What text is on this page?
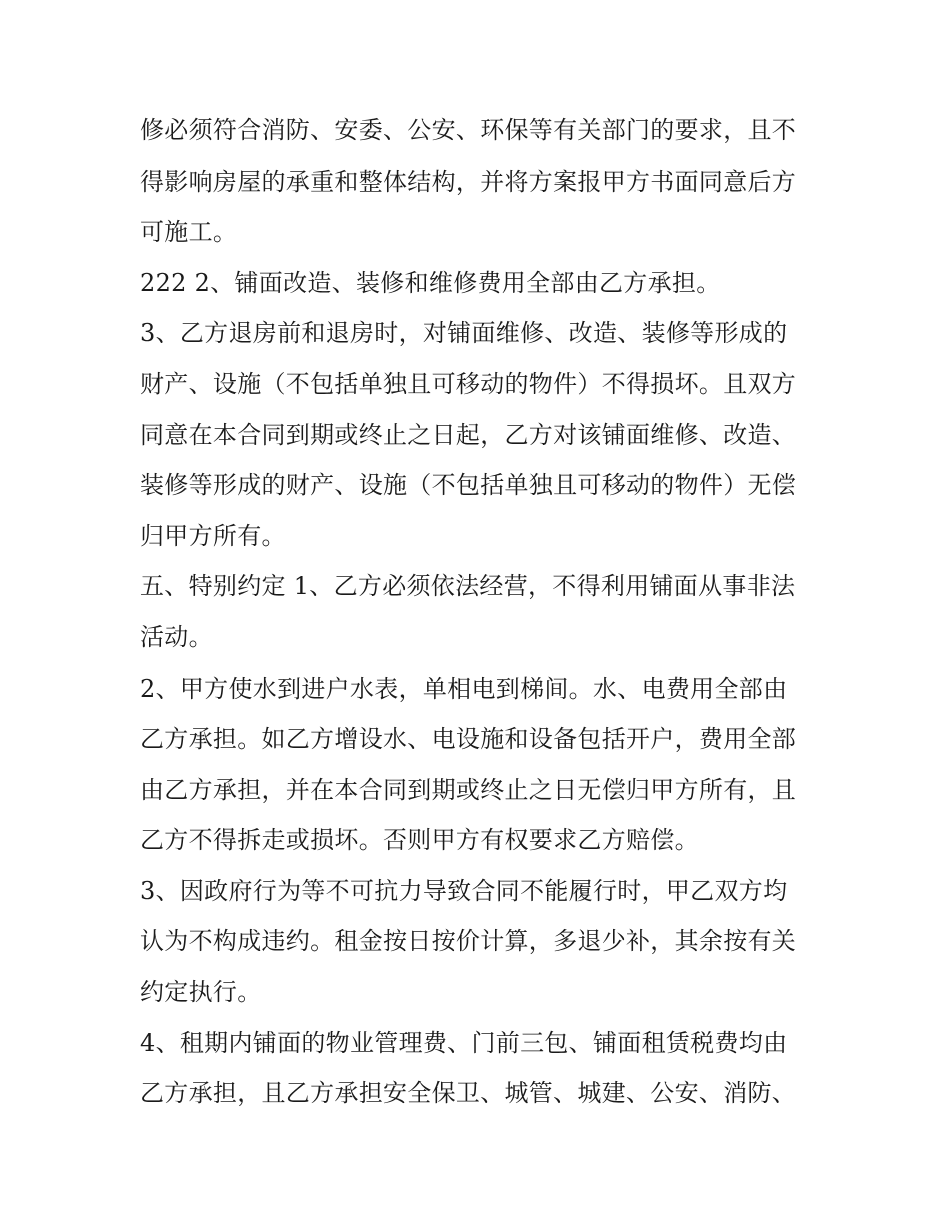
修必须符合消防、安委、公安、环保等有关部门的要求，且不
得影响房屋的承重和整体结构，并将方案报甲方书面同意后方
可施工。
222 2、铺面改造、装修和维修费用全部由乙方承担。
3、乙方退房前和退房时，对铺面维修、改造、装修等形成的
财产、设施（不包括单独且可移动的物件）不得损坏。且双方
同意在本合同到期或终止之日起，乙方对该铺面维修、改造、
装修等形成的财产、设施（不包括单独且可移动的物件）无偿
归甲方所有。
五、特别约定 1、乙方必须依法经营，不得利用铺面从事非法
活动。
2、甲方使水到进户水表，单相电到梯间。水、电费用全部由
乙方承担。如乙方增设水、电设施和设备包括开户，费用全部
由乙方承担，并在本合同到期或终止之日无偿归甲方所有，且
乙方不得拆走或损坏。否则甲方有权要求乙方赔偿。
3、因政府行为等不可抗力导致合同不能履行时，甲乙双方均
认为不构成违约。租金按日按价计算，多退少补，其余按有关
约定执行。
4、租期内铺面的物业管理费、门前三包、铺面租赁税费均由
乙方承担，且乙方承担安全保卫、城管、城建、公安、消防、
